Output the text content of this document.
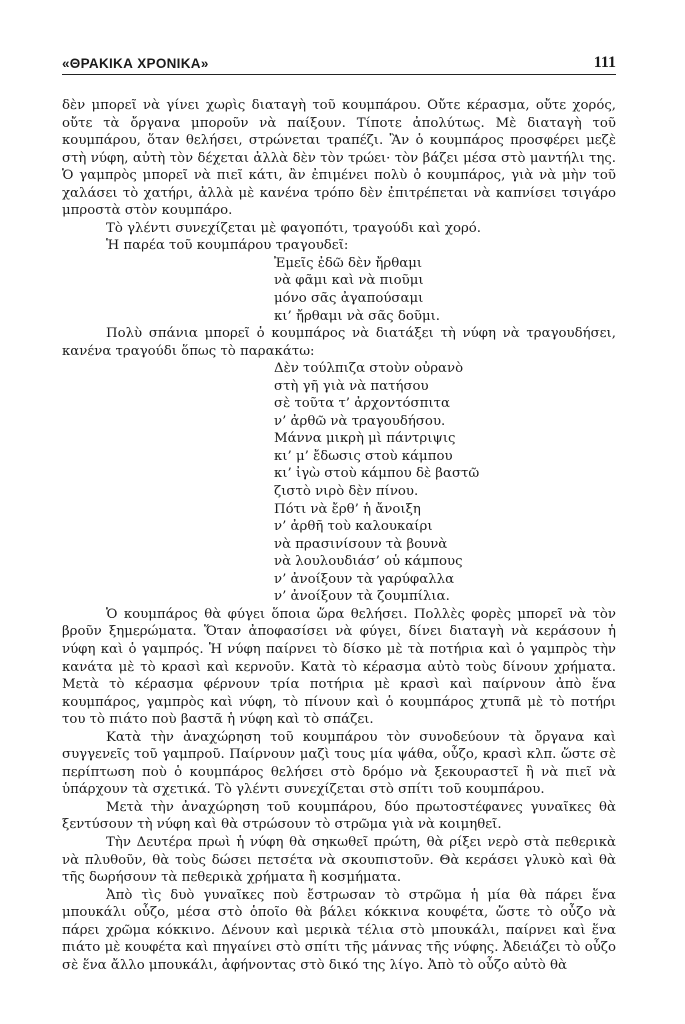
«ΘΡΑΚΙΚΑ ΧΡΟΝΙΚΑ»	111

δὲν μπορεῖ νὰ γίνει χωρὶς διαταγὴ τοῦ κουμπάρου. Οὔτε κέρασμα, οὔτε χορός, οὔτε τὰ ὄργανα μποροῦν νὰ παίξουν. Τίποτε ἀπολύτως. Μὲ διαταγὴ τοῦ κουμπάρου, ὅταν θελήσει, στρώνεται τραπέζι. Ἂν ὁ κουμπάρος προσφέρει μεζὲ στὴ νύφη, αὐτὴ τὸν δέχεται ἀλλὰ δὲν τὸν τρώει· τὸν βάζει μέσα στὸ μαντήλι της. Ὁ γαμπρὸς μπορεῖ νὰ πιεῖ κάτι, ἂν ἐπιμένει πολὺ ὁ κουμπάρος, γιὰ νὰ μὴν τοῦ χαλάσει τὸ χατήρι, ἀλλὰ μὲ κανένα τρόπο δὲν ἐπιτρέπεται νὰ καπνίσει τσιγάρο μπροστὰ στὸν κουμπάρο.

Τὸ γλέντι συνεχίζεται μὲ φαγοπότι, τραγούδι καὶ χορό.

Ἡ παρέα τοῦ κουμπάρου τραγουδεῖ:

Ἐμεῖς ἐδῶ δὲν ἤρθαμι
νὰ φᾶμι καὶ νὰ πιοῦμι
μόνο σᾶς ἀγαπούσαμι
κι’ ἤρθαμι νὰ σᾶς δοῦμι.

Πολὺ σπάνια μπορεῖ ὁ κουμπάρος νὰ διατάξει τὴ νύφη νὰ τραγουδήσει, κανένα τραγούδι ὅπως τὸ παρακάτω:

Δὲν τούλπιζα στοὺν οὐρανὸ
στὴ γῆ γιὰ νὰ πατήσου
σὲ τοῦτα τ’ ἀρχοντόσπιτα
ν’ ἀρθῶ νὰ τραγουδήσου.
Μάννα μικρὴ μὶ πάντριψις
κι’ μ’ ἔδωσις στοὺ κάμπου
κι’ ἰγὼ στοὺ κάμπου δὲ βαστῶ
ζιστὸ νιρὸ δὲν πίνου.
Πότι νὰ ἔρθ’ ἡ ἄνοιξη
ν’ ἀρθῆ τοὺ καλουκαίρι
νὰ πρασινίσουν τὰ βουνὰ
νὰ λουλουδιάσ’ οὑ κάμπους
ν’ ἀνοίξουν τὰ γαρύφαλλα
ν’ ἀνοίξουν τὰ ζουμπίλια.

Ὁ κουμπάρος θὰ φύγει ὅποια ὥρα θελήσει. Πολλὲς φορὲς μπορεῖ νὰ τὸν βροῦν ξημερώματα. Ὅταν ἀποφασίσει νὰ φύγει, δίνει διαταγὴ νὰ κεράσουν ἡ νύφη καὶ ὁ γαμπρός. Ἡ νύφη παίρνει τὸ δίσκο μὲ τὰ ποτήρια καὶ ὁ γαμπρὸς τὴν κανάτα μὲ τὸ κρασὶ καὶ κερνοῦν. Κατὰ τὸ κέρασμα αὐτὸ τοὺς δίνουν χρήματα. Μετὰ τὸ κέρασμα φέρνουν τρία ποτήρια μὲ κρασὶ καὶ παίρνουν ἀπὸ ἕνα κουμπάρος, γαμπρὸς καὶ νύφη, τὸ πίνουν καὶ ὁ κουμπάρος χτυπᾶ μὲ τὸ ποτήρι του τὸ πιάτο ποὺ βαστᾶ ἡ νύφη καὶ τὸ σπάζει.

Κατὰ τὴν ἀναχώρηση τοῦ κουμπάρου τὸν συνοδεύουν τὰ ὄργανα καὶ συγγενεῖς τοῦ γαμπροῦ. Παίρνουν μαζὶ τους μία ψάθα, οὖζο, κρασὶ κλπ. ὥστε σὲ περίπτωση ποὺ ὁ κουμπάρος θελήσει στὸ δρόμο νὰ ξεκουραστεῖ ἢ νὰ πιεῖ νὰ ὑπάρχουν τὰ σχετικά. Τὸ γλέντι συνεχίζεται στὸ σπίτι τοῦ κουμπάρου.

Μετὰ τὴν ἀναχώρηση τοῦ κουμπάρου, δύο πρωτοστέφανες γυναῖκες θὰ ξεντύσουν τὴ νύφη καὶ θὰ στρώσουν τὸ στρῶμα γιὰ νὰ κοιμηθεῖ.

Τὴν Δευτέρα πρωὶ ἡ νύφη θὰ σηκωθεῖ πρώτη, θὰ ρίξει νερὸ στὰ πεθερικὰ νὰ πλυθοῦν, θὰ τοὺς δώσει πετσέτα νὰ σκουπιστοῦν. Θὰ κεράσει γλυκὸ καὶ θὰ τῆς δωρήσουν τὰ πεθερικὰ χρήματα ἢ κοσμήματα.

Ἀπὸ τὶς δυὸ γυναῖκες ποὺ ἔστρωσαν τὸ στρῶμα ἡ μία θὰ πάρει ἕνα μπουκάλι οὖζο, μέσα στὸ ὁποῖο θὰ βάλει κόκκινα κουφέτα, ὥστε τὸ οὖζο νὰ πάρει χρῶμα κόκκινο. Δένουν καὶ μερικὰ τέλια στὸ μπουκάλι, παίρνει καὶ ἕνα πιάτο μὲ κουφέτα καὶ πηγαίνει στὸ σπίτι τῆς μάννας τῆς νύφης. Ἀδειάζει τὸ οὖζο σὲ ἕνα ἄλλο μπουκάλι, ἀφήνοντας στὸ δικό της λίγο. Ἀπὸ τὸ οὖζο αὐτὸ θὰ
